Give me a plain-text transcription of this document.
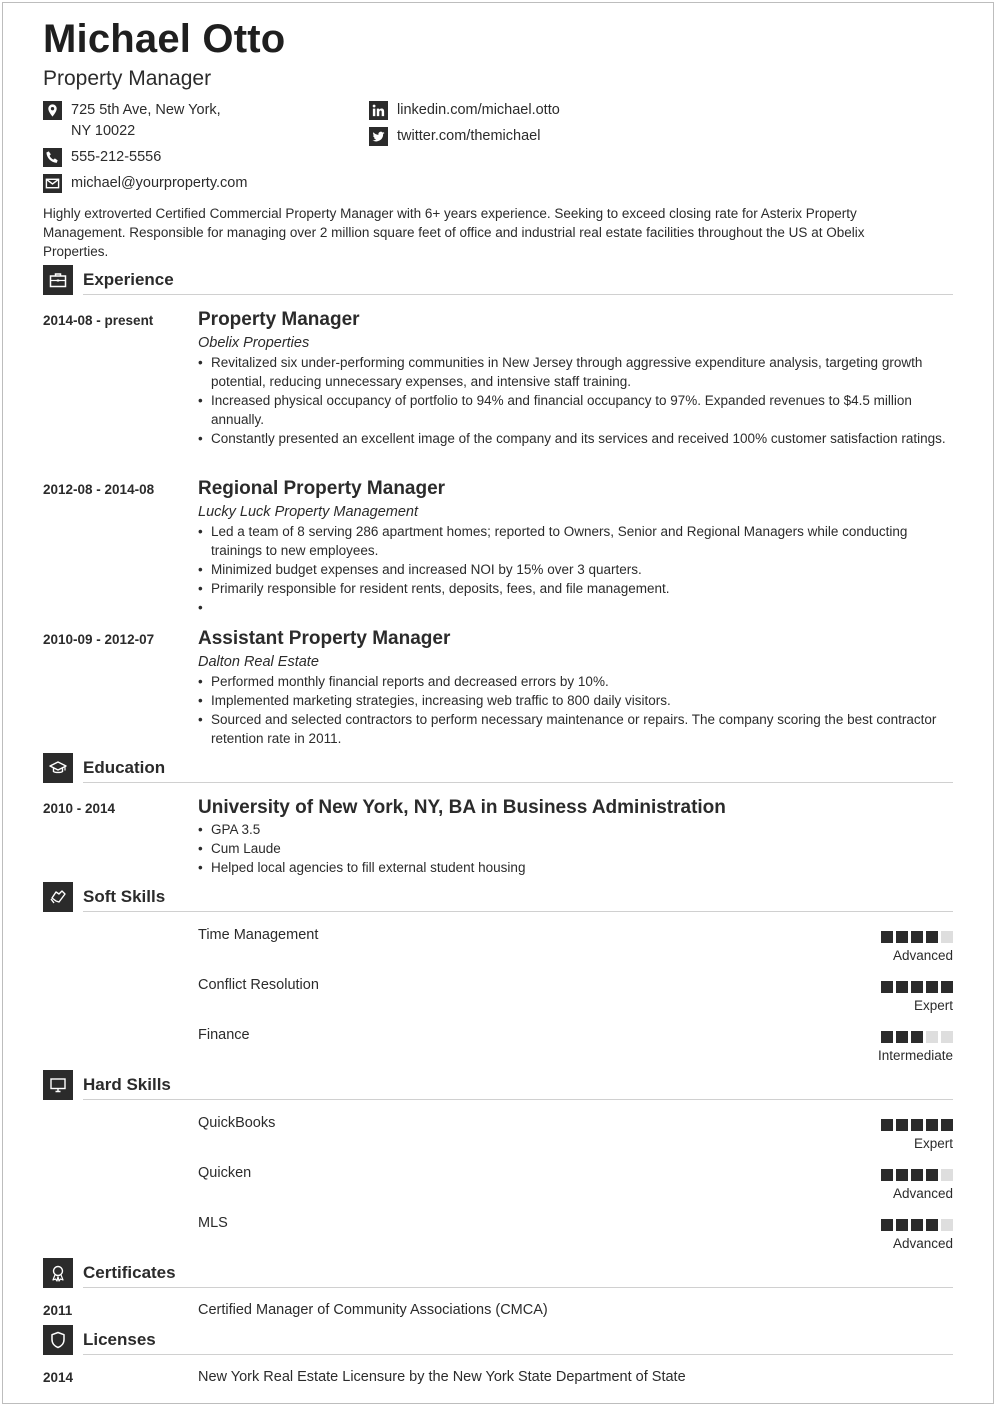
Michael Otto
Property Manager
725 5th Ave, New York,
NY 10022
555-212-5556
michael@yourproperty.com
linkedin.com/michael.otto
twitter.com/themichael
Highly extroverted Certified Commercial Property Manager with 6+ years experience. Seeking to exceed closing rate for Asterix Property Management. Responsible for managing over 2 million square feet of office and industrial real estate facilities throughout the US at Obelix Properties.
Experience
2014-08 - present Property Manager
Obelix Properties
• Revitalized six under-performing communities in New Jersey through aggressive expenditure analysis, targeting growth potential, reducing unnecessary expenses, and intensive staff training.
• Increased physical occupancy of portfolio to 94% and financial occupancy to 97%. Expanded revenues to $4.5 million annually.
• Constantly presented an excellent image of the company and its services and received 100% customer satisfaction ratings.
2012-08 - 2014-08 Regional Property Manager
Lucky Luck Property Management
• Led a team of 8 serving 286 apartment homes; reported to Owners, Senior and Regional Managers while conducting trainings to new employees.
• Minimized budget expenses and increased NOI by 15% over 3 quarters.
• Primarily responsible for resident rents, deposits, fees, and file management.
•
2010-09 - 2012-07 Assistant Property Manager
Dalton Real Estate
• Performed monthly financial reports and decreased errors by 10%.
• Implemented marketing strategies, increasing web traffic to 800 daily visitors.
• Sourced and selected contractors to perform necessary maintenance or repairs. The company scoring the best contractor retention rate in 2011.
Education
2010 - 2014	University of New York, NY, BA in Business Administration
• GPA 3.5
• Cum Laude
• Helped local agencies to fill external student housing
Soft Skills
Time Management
Advanced
Conflict Resolution
Expert
Finance
Intermediate
Hard Skills
QuickBooks
Expert
Quicken
Advanced
MLS
Advanced
Certificates
2011	Certified Manager of Community Associations (CMCA)
Licenses
2014	New York Real Estate Licensure by the New York State Department of State
